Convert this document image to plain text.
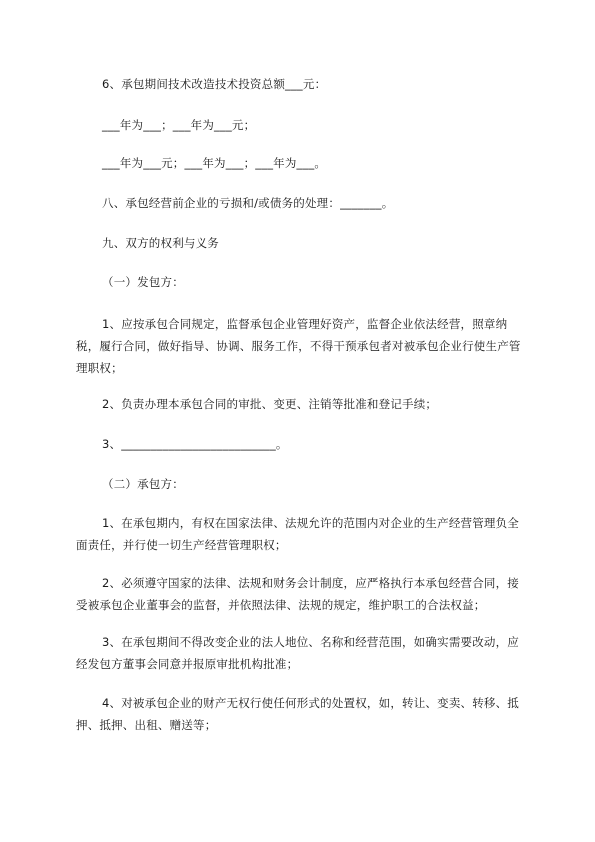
6、承包期间技术改造技术投资总额___元：
___年为___；___年为___元；
___年为___元；___年为___；___年为___。
八、承包经营前企业的亏损和/或债务的处理：_______。
九、双方的权利与义务
（一）发包方：
1、应按承包合同规定，监督承包企业管理好资产，监督企业依法经营，照章纳税，履行合同，做好指导、协调、服务工作，不得干预承包者对被承包企业行使生产管理职权；
2、负责办理本承包合同的审批、变更、注销等批准和登记手续；
3、__________________________。
（二）承包方：
1、在承包期内，有权在国家法律、法规允许的范围内对企业的生产经营管理负全面责任，并行使一切生产经营管理职权；
2、必须遵守国家的法律、法规和财务会计制度，应严格执行本承包经营合同，接受被承包企业董事会的监督，并依照法律、法规的规定，维护职工的合法权益；
3、在承包期间不得改变企业的法人地位、名称和经营范围，如确实需要改动，应经发包方董事会同意并报原审批机构批准；
4、对被承包企业的财产无权行使任何形式的处置权，如，转让、变卖、转移、抵押、抵押、出租、赠送等；
